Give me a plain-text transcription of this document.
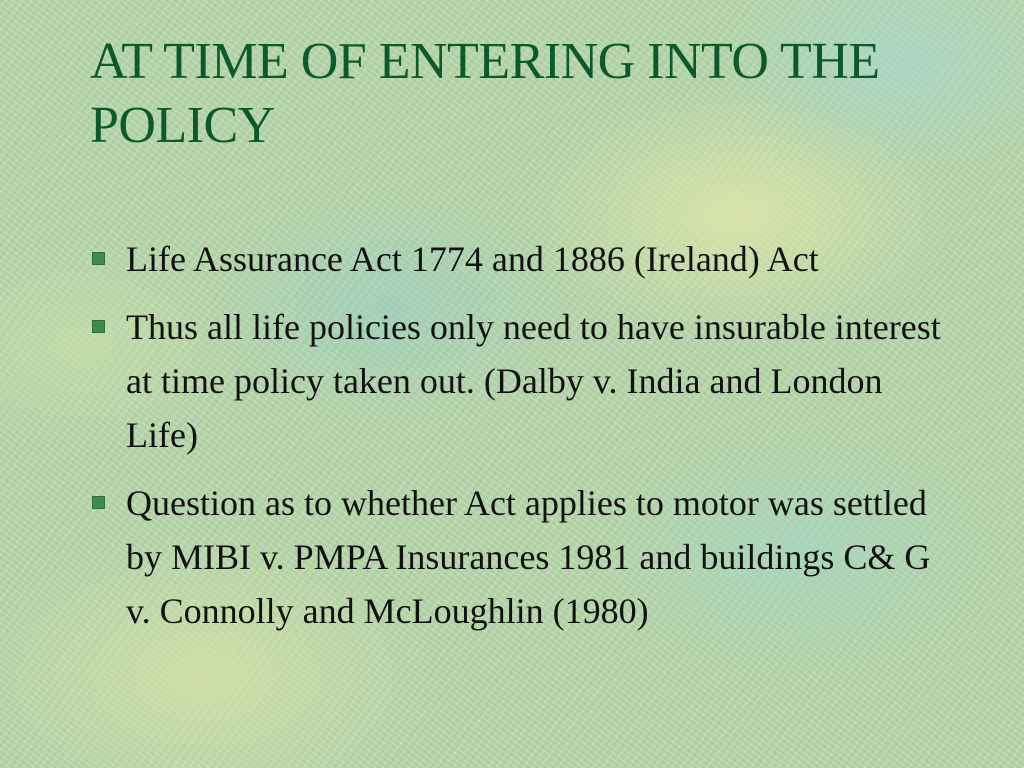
AT TIME OF ENTERING INTO THE POLICY
Life Assurance Act 1774 and 1886 (Ireland) Act
Thus all life policies only need to have insurable interest at time policy taken out. (Dalby v. India and London Life)
Question as to whether Act applies to motor was settled by MIBI v. PMPA Insurances 1981 and buildings C& G v. Connolly and McLoughlin (1980)
